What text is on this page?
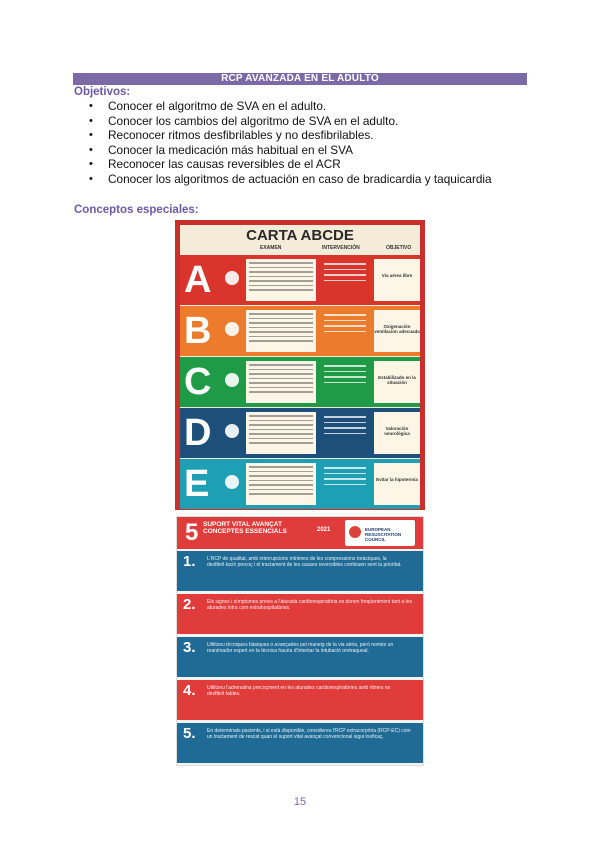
RCP AVANZADA EN EL ADULTO
Objetivos:
• Conocer el algoritmo de SVA en el adulto.
• Conocer los cambios del algoritmo de SVA en el adulto.
• Reconocer ritmos desfibrilables y no desfibrilables.
• Conocer la medicación más habitual en el SVA
• Reconocer las causas reversibles de el ACR
• Conocer los algoritmos de actuación en caso de bradicardia y taquicardia
Conceptos especiales:
CARTA ABCDE
EXAMEN	INTERVENCIÓN	OBJETIVO
A	Vía aérea libre
B	Oxigenación ventilación adecuada
C	Estabilizado en la situación
D	Valoración neurológica
E	Evitar la hipotermia
5 SUPORT VITAL AVANÇAT CONCEPTES ESSENCIALS	2021	EUROPEAN RESUSCITATION COUNCIL
1. L'RCP de qualitat, amb interrupcions mínimes de les compressions toràciques, la desfibril·lació precoç i el tractament de les causes reversibles continuen sent la prioritat.
2. Els signes i símptomes previs a l'aturada cardiorespiratòria es donen freqüentment tant a les aturades intra com extrahospitalàries.
3. Utilitzeu tècniques bàsiques o avançades pel maneig de la via aèria, però només un reanimador expert en la tècnica hauria d'intentar la intubació orotraqueal.
4. Utilitzeu l'adrenalina precoçment en les aturades cardiorespiratòries amb ritmes no desfibril·lables.
5. En determinats pacients, i si està disponible, considereu l'RCP extracorpòria (RCP-EC) com un tractament de rescat quan el suport vital avançat convencional sigui ineficaç.
15
